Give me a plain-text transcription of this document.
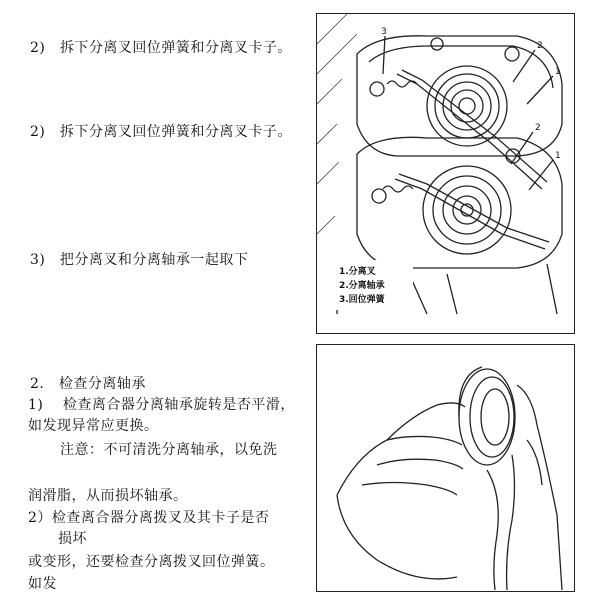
2)　拆下分离叉回位弹簧和分离叉卡子。
2)　拆下分离叉回位弹簧和分离叉卡子。
3)　把分离叉和分离轴承一起取下
2.　检查分离轴承
1)　 检查离合器分离轴承旋转是否平滑，
如发现异常应更换。
注意：不可清洗分离轴承，以免洗
润滑脂，从而损坏轴承。
2）检查离合器分离拨叉及其卡子是否
损坏
或变形，还要检查分离拨叉回位弹簧。
如发
3
2
1
2
1
1.分离叉
2.分离轴承
3.回位弹簧
